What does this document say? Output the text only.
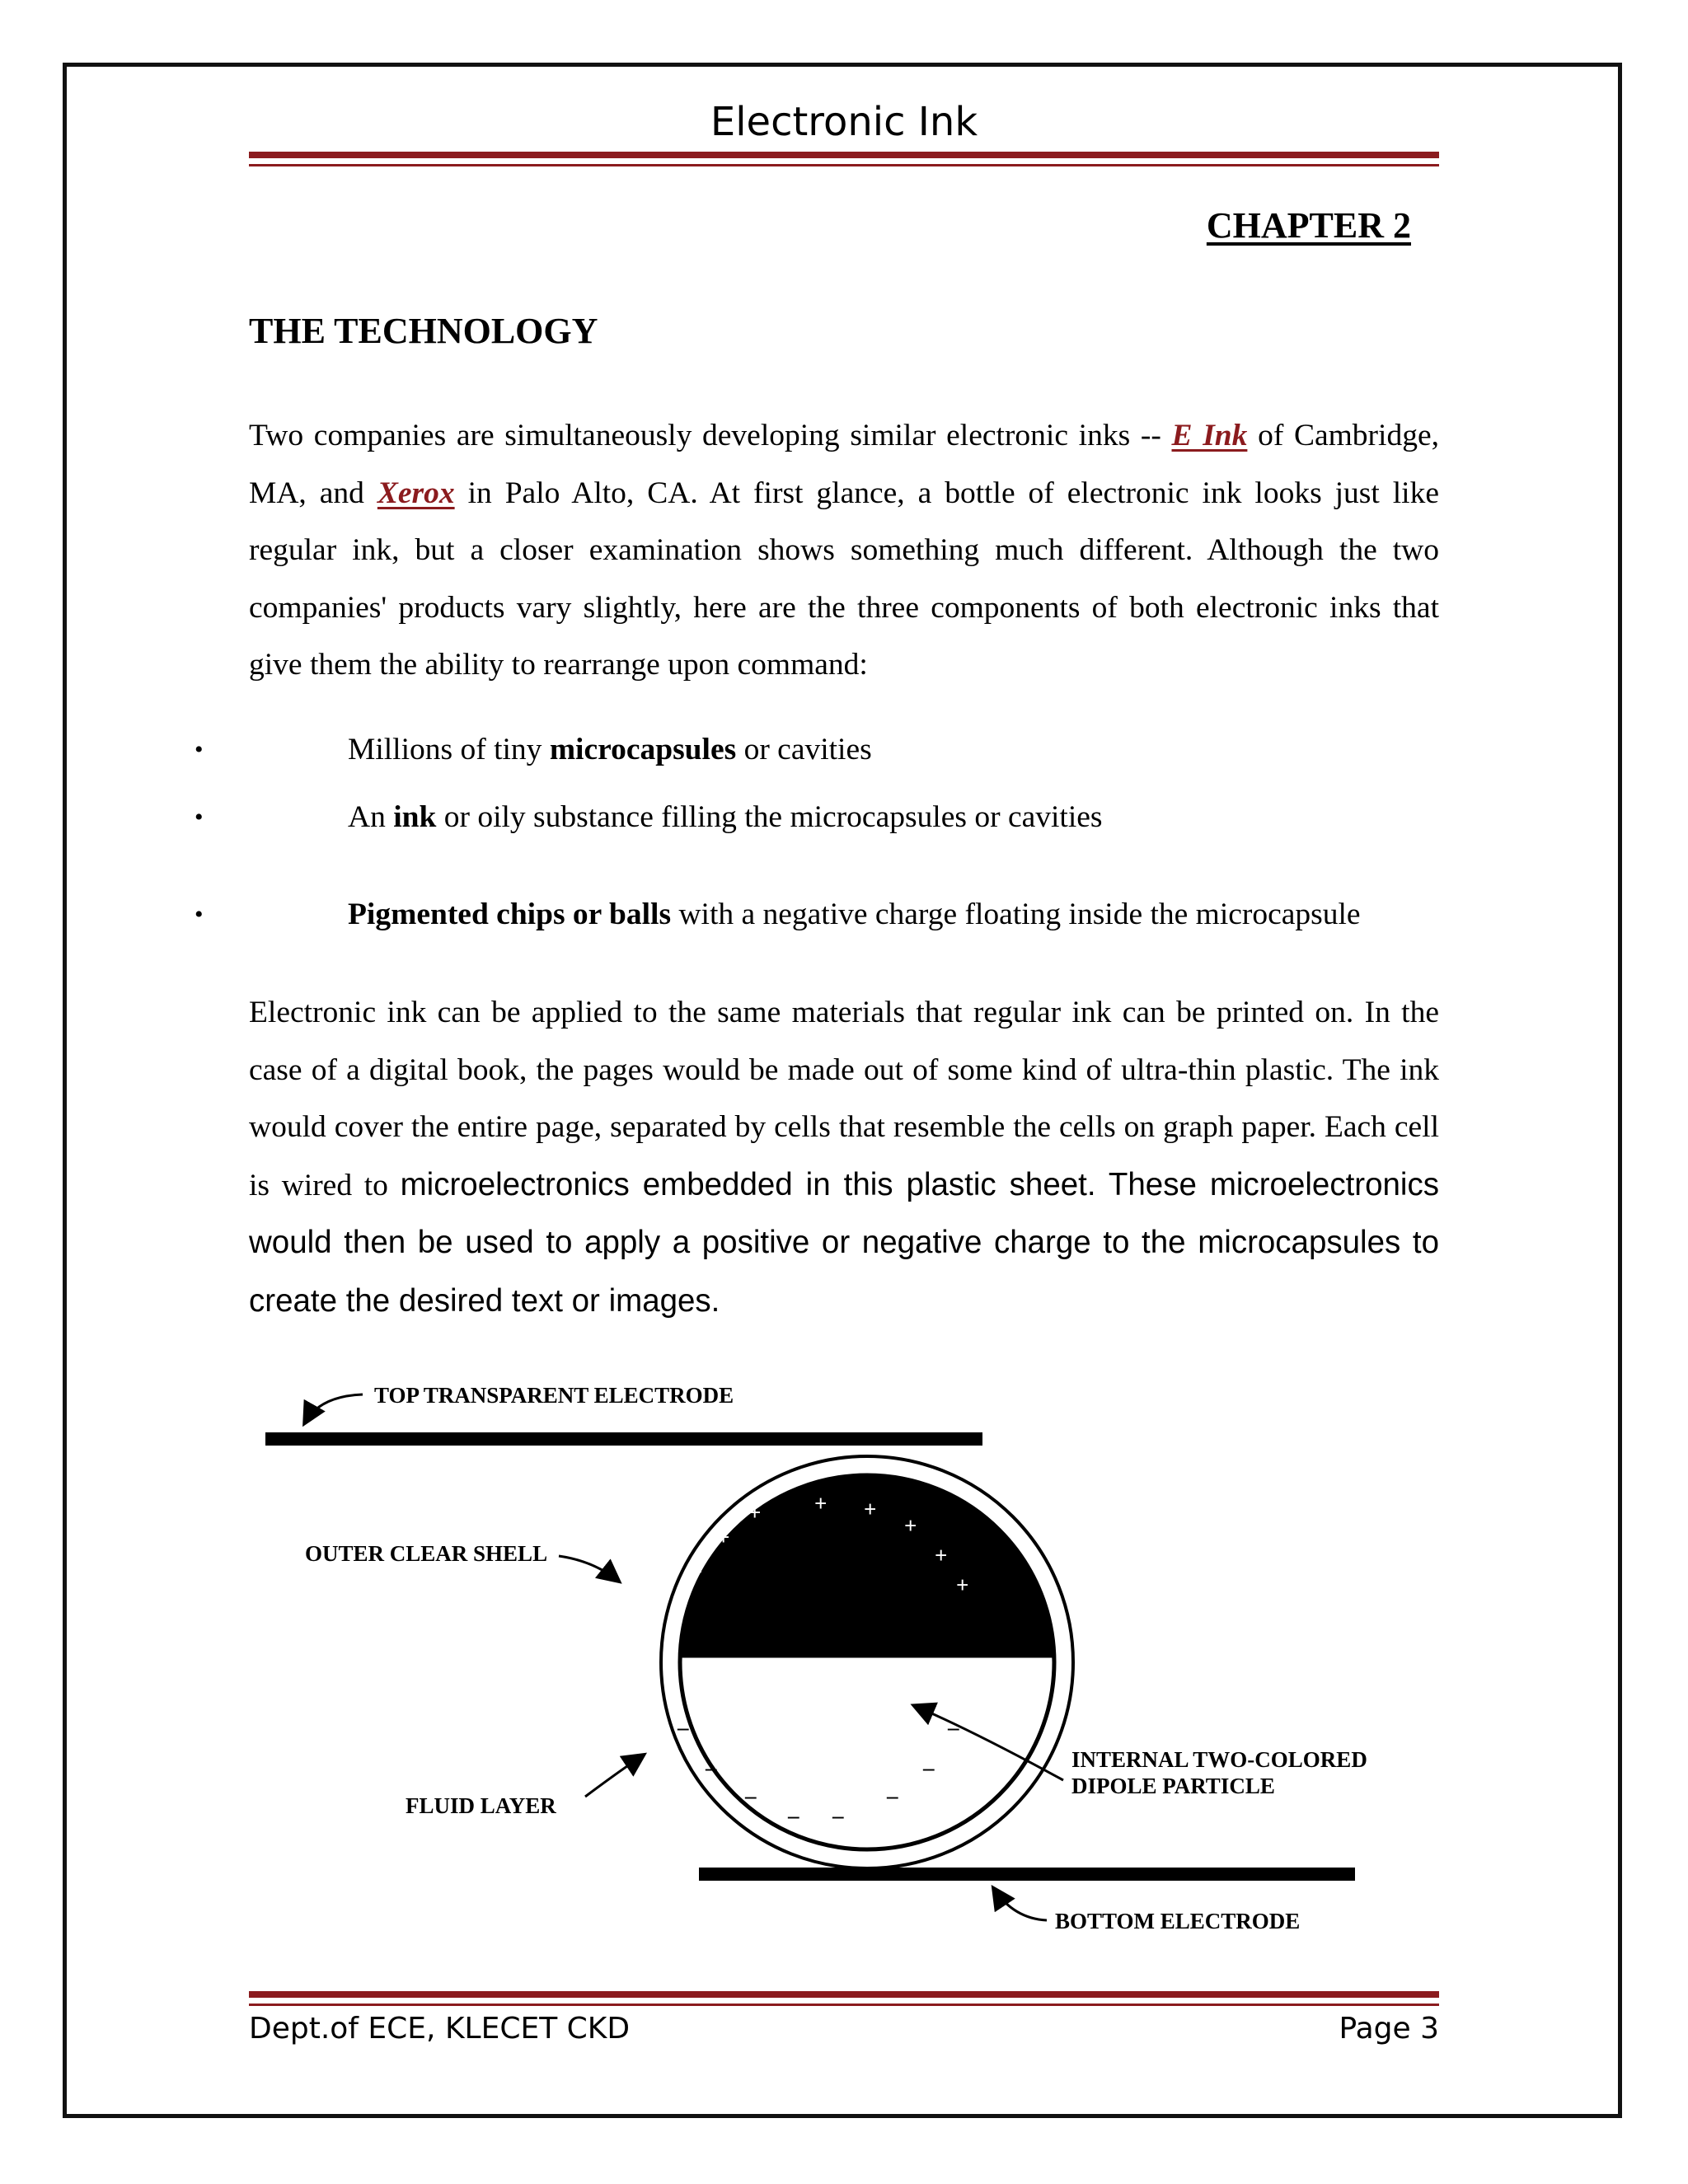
Electronic Ink
CHAPTER 2
THE TECHNOLOGY
Two companies are simultaneously developing similar electronic inks -- E Ink of Cambridge, MA, and Xerox in Palo Alto, CA. At first glance, a bottle of electronic ink looks just like regular ink, but a closer examination shows something much different. Although the two companies' products vary slightly, here are the three components of both electronic inks that give them the ability to rearrange upon command:
•	Millions of tiny microcapsules or cavities
•	An ink or oily substance filling the microcapsules or cavities
•	Pigmented chips or balls with a negative charge floating inside the microcapsule
Electronic ink can be applied to the same materials that regular ink can be printed on. In the case of a digital book, the pages would be made out of some kind of ultra-thin plastic. The ink would cover the entire page, separated by cells that resemble the cells on graph paper. Each cell is wired to microelectronics embedded in this plastic sheet. These microelectronics would then be used to apply a positive or negative charge to the microcapsules to create the desired text or images.
+
+
+ + +
+
+
+
–
–
–
– –
–
–
–
TOP TRANSPARENT ELECTRODE
OUTER CLEAR SHELL
FLUID LAYER
INTERNAL TWO-COLORED
DIPOLE PARTICLE
BOTTOM ELECTRODE
Dept.of ECE, KLECET CKD	Page 3
